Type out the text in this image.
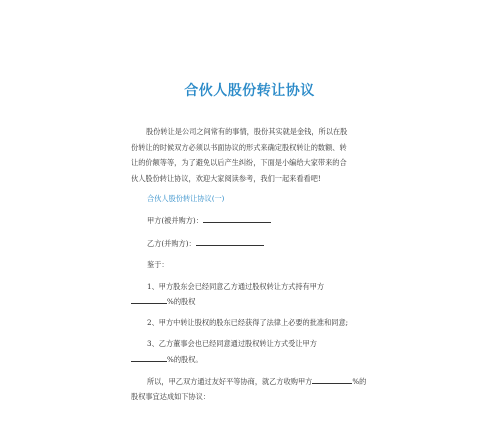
合伙人股份转让协议

股份转让是公司之间常有的事情，股份其实就是金钱，所以在股

份转让的时候双方必须以书面协议的形式来确定股权转让的数额、转

让的价额等等，为了避免以后产生纠纷，下面是小编给大家带来的合

伙人股份转让协议，欢迎大家阅读参考，我们一起来看看吧!

合伙人股份转让协议(一)
甲方(被并购方)：
乙方(并购方)：
鉴于：
1、甲方股东会已经同意乙方通过股权转让方式持有甲方
%的股权
2、甲方中转让股权的股东已经获得了法律上必要的批准和同意;
3、乙方董事会也已经同意通过股权转让方式受让甲方
%的股权。
所以，甲乙双方通过友好平等协商，就乙方收购甲方	%的
股权事宜达成如下协议：
